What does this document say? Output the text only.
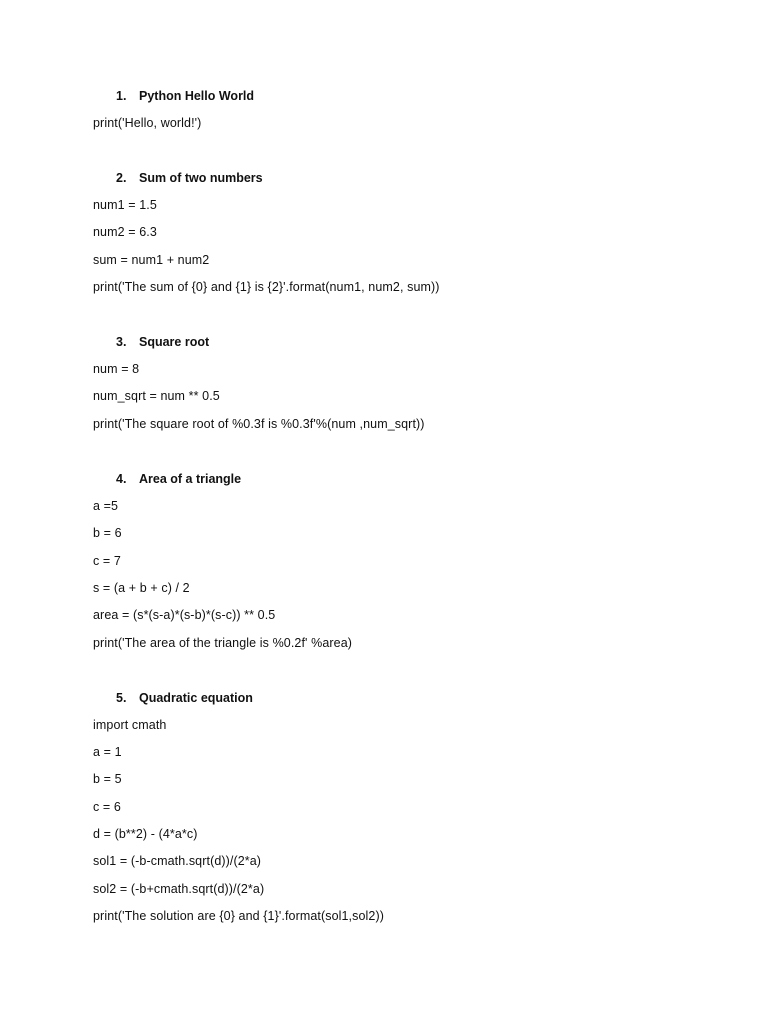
1. Python Hello World
print('Hello, world!')
2. Sum of two numbers
num1 = 1.5
num2 = 6.3
sum = num1 + num2
print('The sum of {0} and {1} is {2}'.format(num1, num2, sum))
3. Square root
num = 8
num_sqrt = num ** 0.5
print('The square root of %0.3f is %0.3f'%(num ,num_sqrt))
4. Area of a triangle
a =5
b = 6
c = 7
s = (a + b + c) / 2
area = (s*(s-a)*(s-b)*(s-c)) ** 0.5
print('The area of the triangle is %0.2f' %area)
5. Quadratic equation
import cmath
a = 1
b = 5
c = 6
d = (b**2) - (4*a*c)
sol1 = (-b-cmath.sqrt(d))/(2*a)
sol2 = (-b+cmath.sqrt(d))/(2*a)
print('The solution are {0} and {1}'.format(sol1,sol2))
